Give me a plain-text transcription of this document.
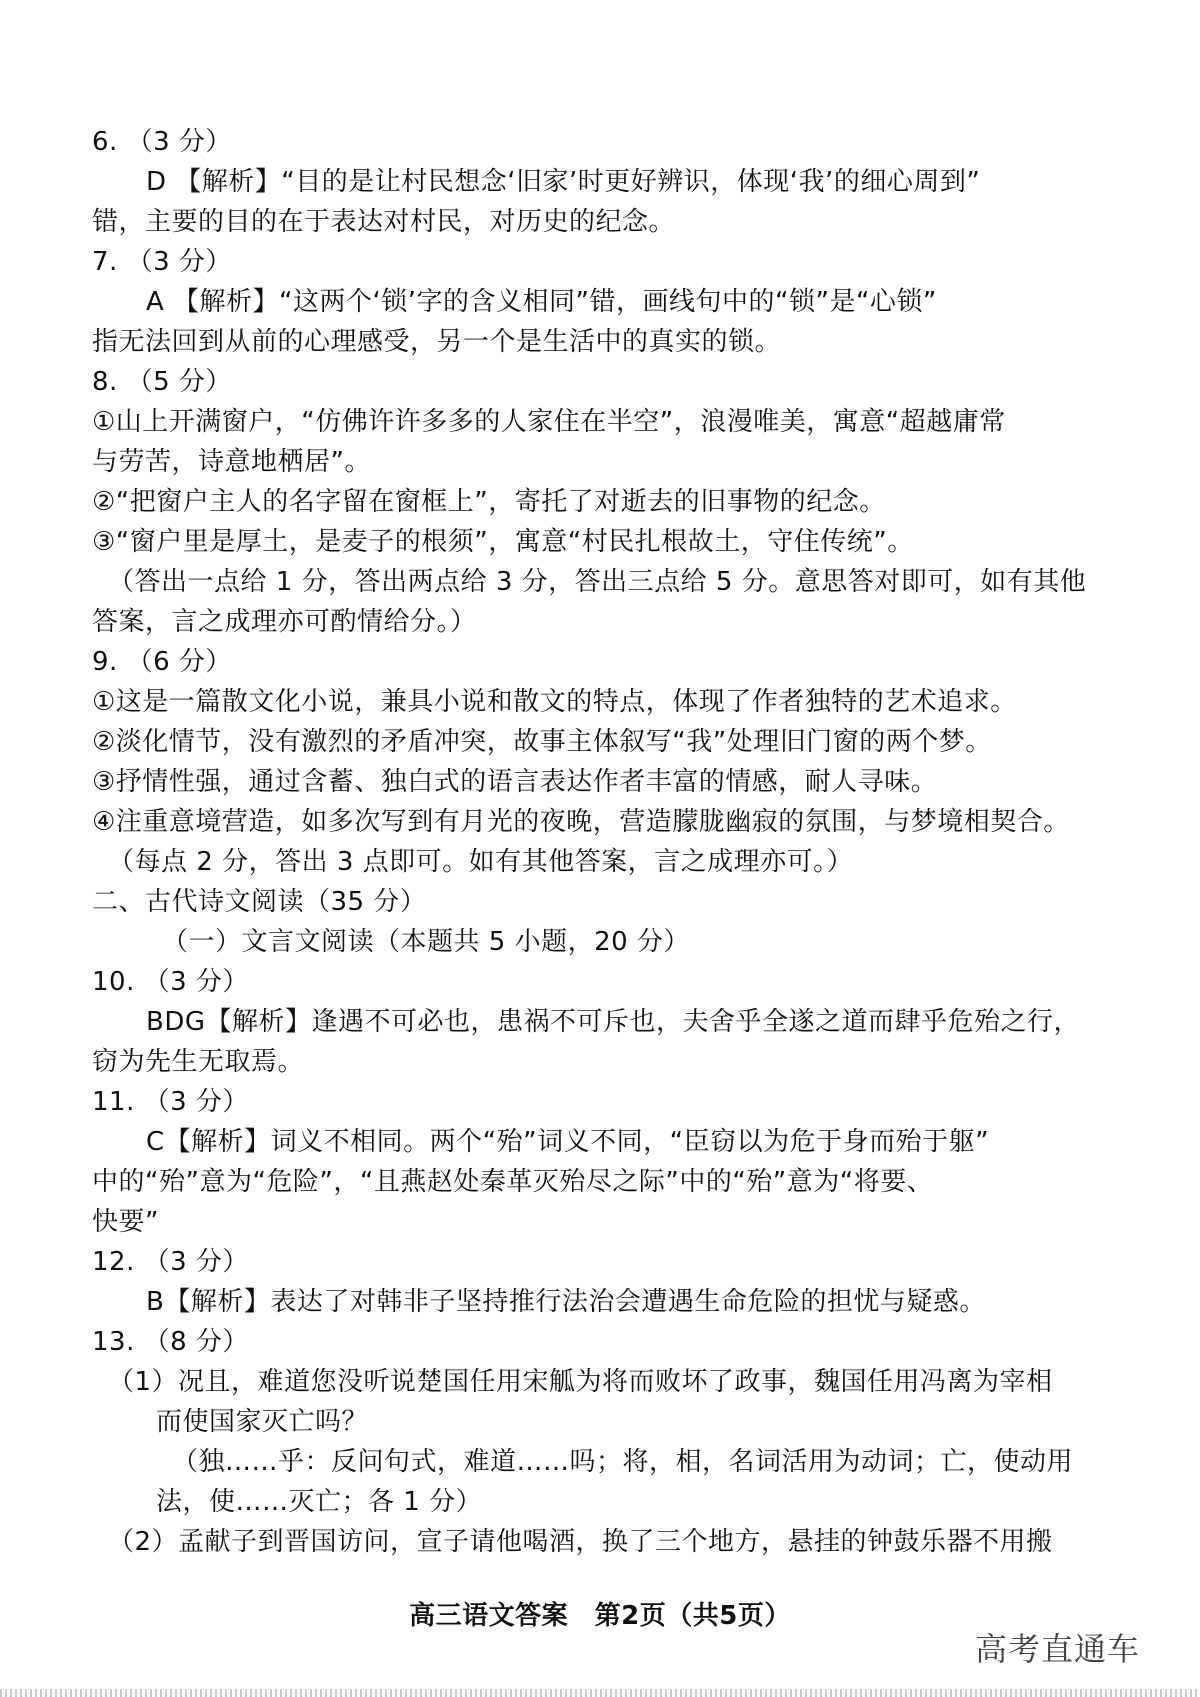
6. （3 分）
D 【解析】“目的是让村民想念‘旧家’时更好辨识，体现‘我’的细心周到”
错，主要的目的在于表达对村民，对历史的纪念。
7. （3 分）
A 【解析】“这两个‘锁’字的含义相同”错，画线句中的“锁”是“心锁”
指无法回到从前的心理感受，另一个是生活中的真实的锁。
8. （5 分）
①山上开满窗户，“仿佛许许多多的人家住在半空”，浪漫唯美，寓意“超越庸常
与劳苦，诗意地栖居”。
②“把窗户主人的名字留在窗框上”，寄托了对逝去的旧事物的纪念。
③“窗户里是厚土，是麦子的根须”，寓意“村民扎根故土，守住传统”。
（答出一点给 1 分，答出两点给 3 分，答出三点给 5 分。意思答对即可，如有其他
答案，言之成理亦可酌情给分。）
9. （6 分）
①这是一篇散文化小说，兼具小说和散文的特点，体现了作者独特的艺术追求。
②淡化情节，没有激烈的矛盾冲突，故事主体叙写“我”处理旧门窗的两个梦。
③抒情性强，通过含蓄、独白式的语言表达作者丰富的情感，耐人寻味。
④注重意境营造，如多次写到有月光的夜晚，营造朦胧幽寂的氛围，与梦境相契合。
（每点 2 分，答出 3 点即可。如有其他答案，言之成理亦可。）
二、古代诗文阅读（35 分）
（一）文言文阅读（本题共 5 小题，20 分）
10. （3 分）
BDG【解析】逢遇不可必也，患祸不可斥也，夫舍乎全遂之道而肆乎危殆之行，
窃为先生无取焉。
11. （3 分）
C【解析】词义不相同。两个“殆”词义不同，“臣窃以为危于身而殆于躯”
中的“殆”意为“危险”，“且燕赵处秦革灭殆尽之际”中的“殆”意为“将要、
快要”
12. （3 分）
B【解析】表达了对韩非子坚持推行法治会遭遇生命危险的担忧与疑惑。
13. （8 分）
（1）况且，难道您没听说楚国任用宋觚为将而败坏了政事，魏国任用冯离为宰相
而使国家灭亡吗？
（独……乎：反问句式，难道……吗；将，相，名词活用为动词；亡，使动用
法，使……灭亡；各 1 分）
（2）孟献子到晋国访问，宣子请他喝酒，换了三个地方，悬挂的钟鼓乐器不用搬
高三语文答案　第2页（共5页）
高考直通车
